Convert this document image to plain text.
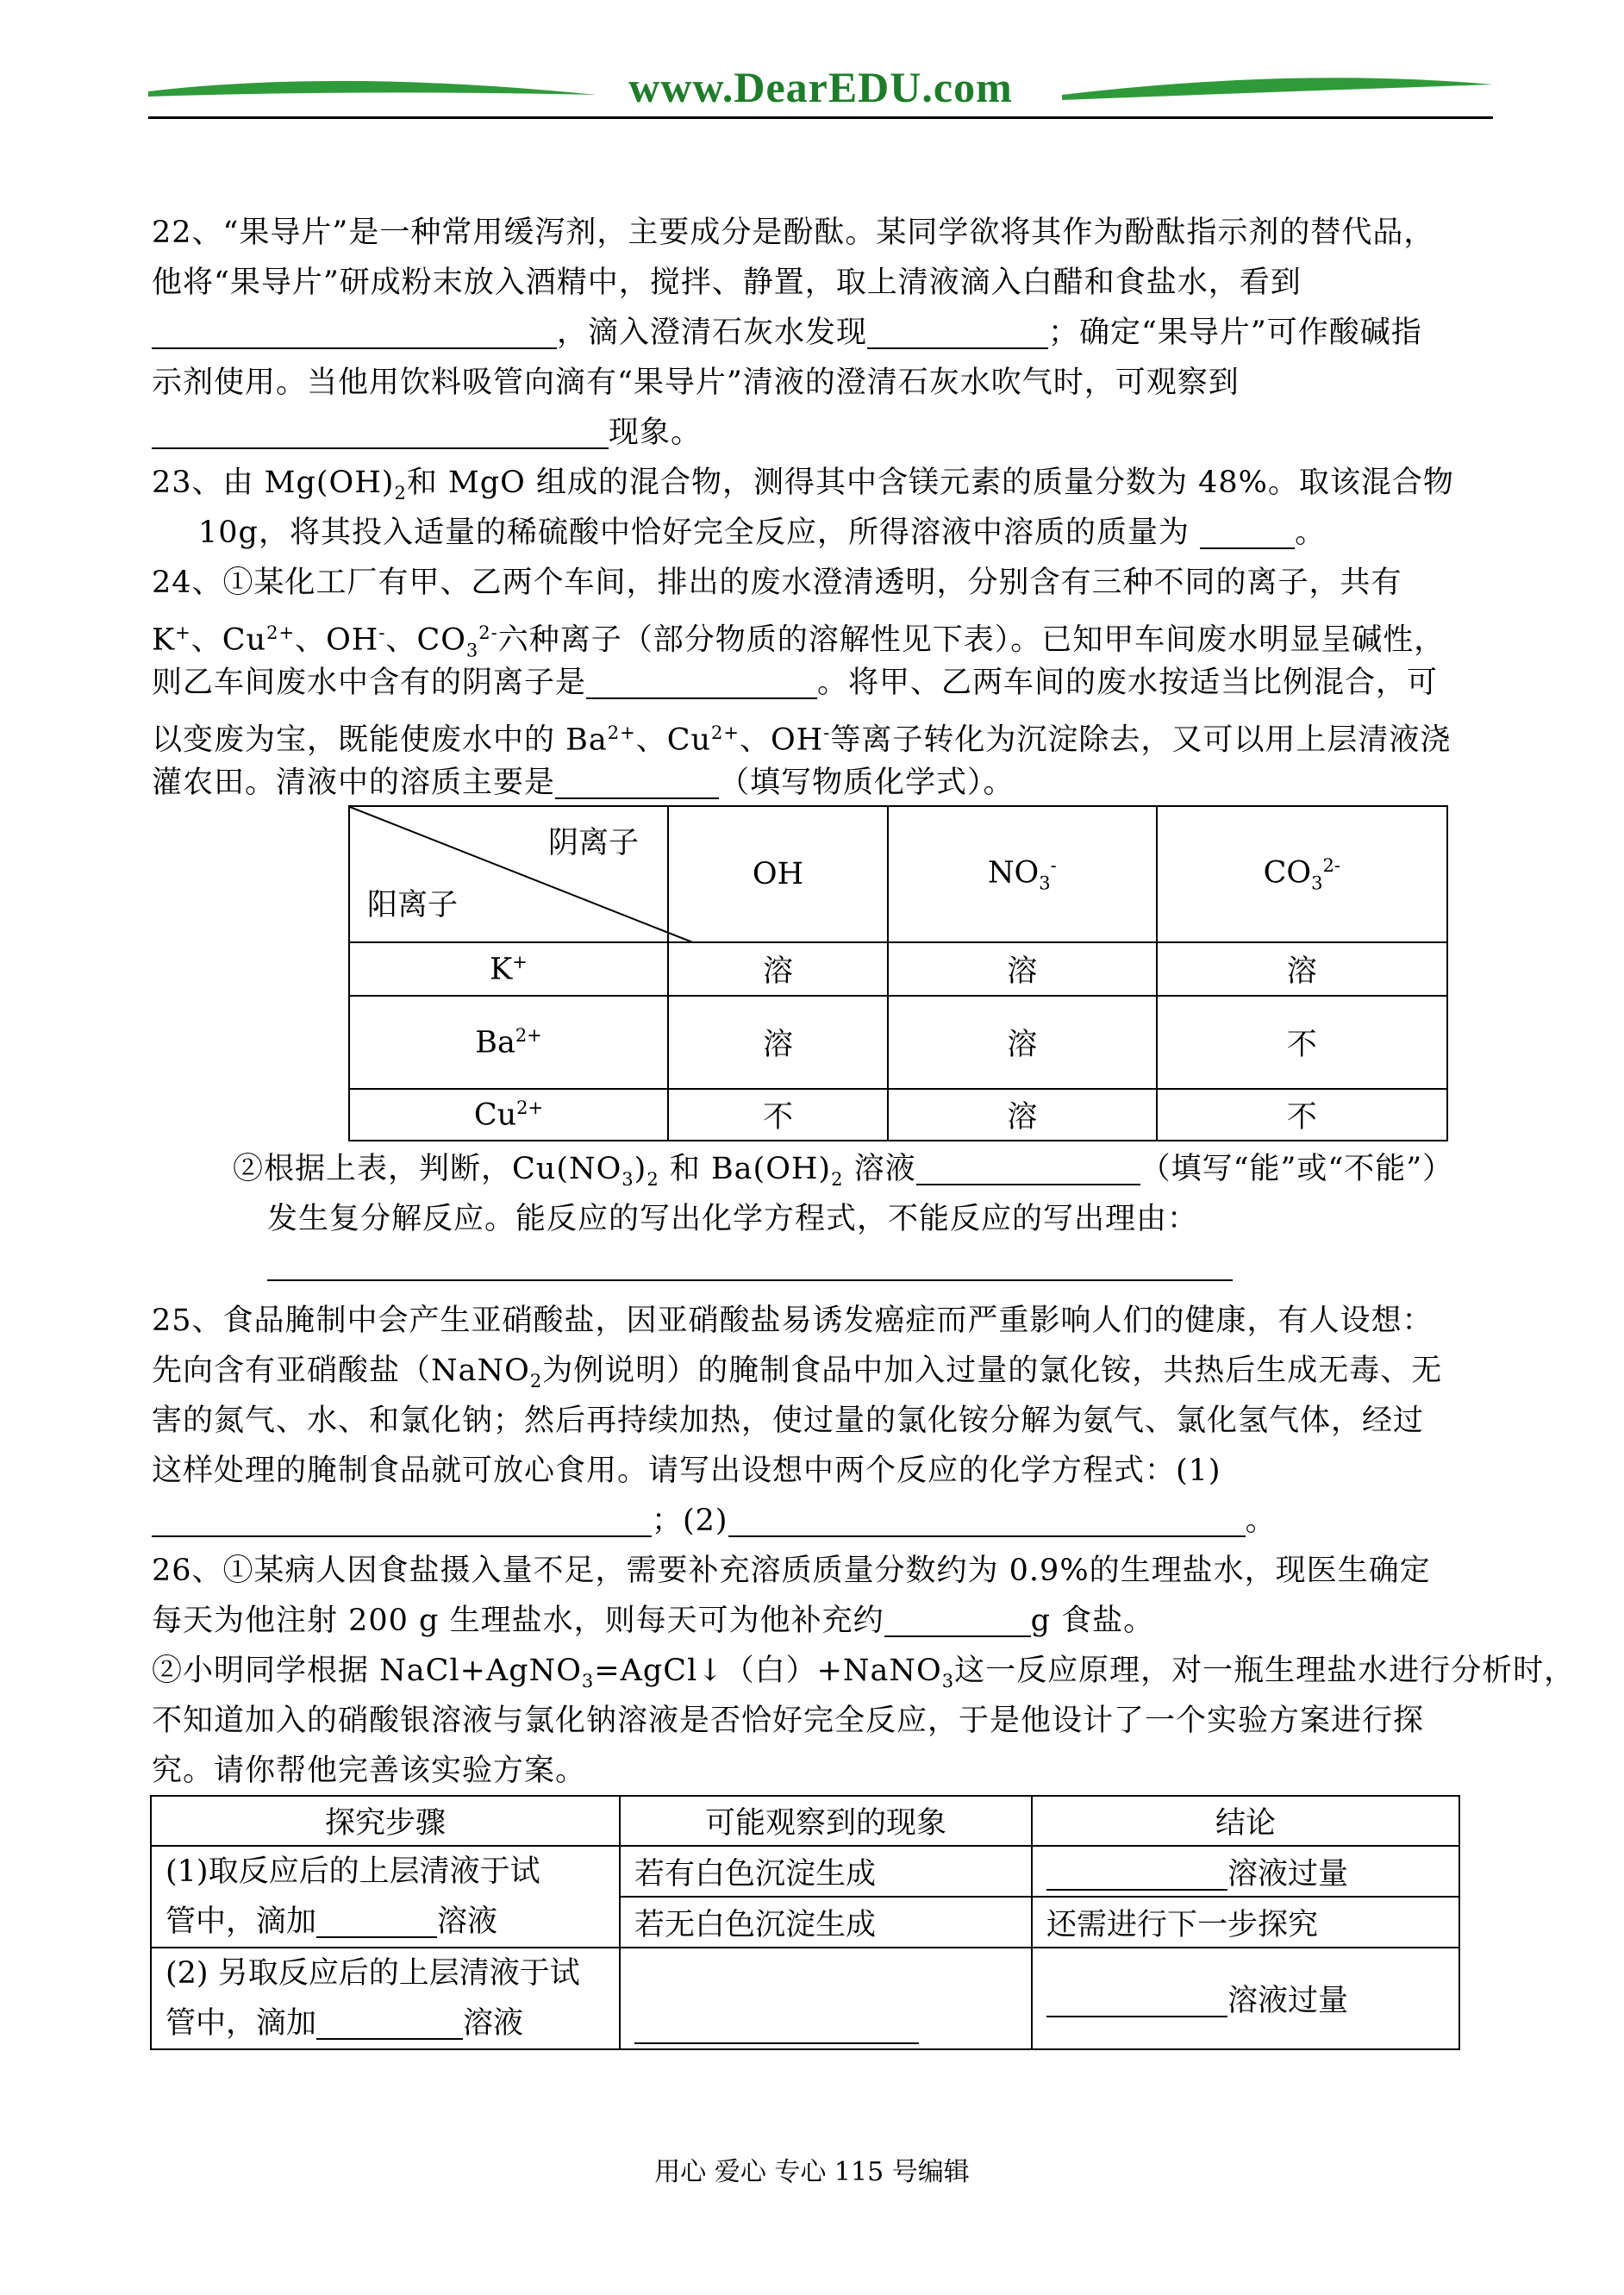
www.DearEDU.com
22、“果导片”是一种常用缓泻剂，主要成分是酚酞。某同学欲将其作为酚酞指示剂的替代品，
他将“果导片”研成粉末放入酒精中，搅拌、静置，取上清液滴入白醋和食盐水，看到
，滴入澄清石灰水发现	；确定“果导片”可作酸碱指
示剂使用。当他用饮料吸管向滴有“果导片”清液的澄清石灰水吹气时，可观察到
现象。
23、由 $Mg(OH)_2$和 MgO 组成的混合物，测得其中含镁元素的质量分数为 48%。取该混合物
10g，将其投入适量的稀硫酸中恰好完全反应，所得溶液中溶质的质量为	。
24、①某化工厂有甲、乙两个车间，排出的废水澄清透明，分别含有三种不同的离子，共有
K+、$Cu^{2+}$、OH-、$CO_3^{2-}$六种离子（部分物质的溶解性见下表）。已知甲车间废水明显呈碱性，
则乙车间废水中含有的阴离子是	。将甲、乙两车间的废水按适当比例混合，可
以变废为宝，既能使废水中的 $Ba^{2+}$、$Cu^{2+}$、OH-等离子转化为沉淀除去，又可以用上层清液浇
灌农田。清液中的溶质主要是	（填写物质化学式）。
阴离子
阳离子	OH	$NO_3^-$	$CO_3^{2-}$
K+	溶	溶	溶
$Ba^{2+}$	溶	溶	不
$Cu^{2+}$	不	溶	不
②根据上表，判断，$Cu(NO_3)_2$ 和 $Ba(OH)_2$ 溶液	（填写“能”或“不能”）
发生复分解反应。能反应的写出化学方程式，不能反应的写出理由：
25、食品腌制中会产生亚硝酸盐，因亚硝酸盐易诱发癌症而严重影响人们的健康，有人设想：
先向含有亚硝酸盐（NaNO$_2$为例说明）的腌制食品中加入过量的氯化铵，共热后生成无毒、无
害的氮气、水、和氯化钠；然后再持续加热，使过量的氯化铵分解为氨气、氯化氢气体，经过
这样处理的腌制食品就可放心食用。请写出设想中两个反应的化学方程式：(1)
；(2)	。
26、①某病人因食盐摄入量不足，需要补充溶质质量分数约为 0.9%的生理盐水，现医生确定
每天为他注射 200 g 生理盐水，则每天可为他补充约	g 食盐。
②小明同学根据 NaCl+AgNO$_3$=AgCl↓（白）+NaNO$_3$这一反应原理，对一瓶生理盐水进行分析时，
不知道加入的硝酸银溶液与氯化钠溶液是否恰好完全反应，于是他设计了一个实验方案进行探
究。请你帮他完善该实验方案。
探究步骤	可能观察到的现象	结论

(1)取反应后的上层清液于试
管中，滴加 溶液	若有白色沉淀生成	溶液过量
	若无白色沉淀生成	还需进行下一步探究

(2) 另取反应后的上层清液于试
管中，滴加 溶液		溶液过量
用心 爱心 专心 115 号编辑
